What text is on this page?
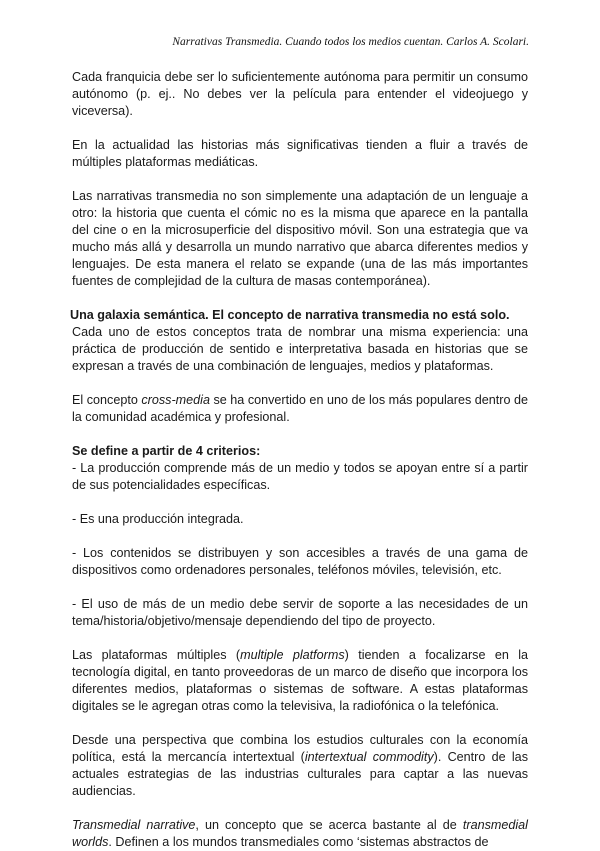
Narrativas Transmedia. Cuando todos los medios cuentan. Carlos A. Scolari.

Cada franquicia debe ser lo suficientemente autónoma para permitir un consumo autónomo (p. ej.. No debes ver la película para entender el videojuego y viceversa).

En la actualidad las historias más significativas tienden a fluir a través de múltiples plataformas mediáticas.

Las narrativas transmedia no son simplemente una adaptación de un lenguaje a otro: la historia que cuenta el cómic no es la misma que aparece en la pantalla del cine o en la microsuperficie del dispositivo móvil. Son una estrategia que va mucho más allá y desarrolla un mundo narrativo que abarca diferentes medios y lenguajes. De esta manera el relato se expande (una de las más importantes fuentes de complejidad de la cultura de masas contemporánea).

Una galaxia semántica. El concepto de narrativa transmedia no está solo.

Cada uno de estos conceptos trata de nombrar una misma experiencia: una práctica de producción de sentido e interpretativa basada en historias que se expresan a través de una combinación de lenguajes, medios y plataformas.

El concepto cross-media se ha convertido en uno de los más populares dentro de la comunidad académica y profesional.

Se define a partir de 4 criterios:

- La producción comprende más de un medio y todos se apoyan entre sí a partir de sus potencialidades específicas.

- Es una producción integrada.

- Los contenidos se distribuyen y son accesibles a través de una gama de dispositivos como ordenadores personales, teléfonos móviles, televisión, etc.

- El uso de más de un medio debe servir de soporte a las necesidades de un tema/historia/objetivo/mensaje dependiendo del tipo de proyecto.

Las plataformas múltiples (multiple platforms) tienden a focalizarse en la tecnología digital, en tanto proveedoras de un marco de diseño que incorpora los diferentes medios, plataformas o sistemas de software. A estas plataformas digitales se le agregan otras como la televisiva, la radiofónica o la telefónica.

Desde una perspectiva que combina los estudios culturales con la economía política, está la mercancía intertextual (intertextual commodity). Centro de las actuales estrategias de las industrias culturales para captar a las nuevas audiencias.

Transmedial narrative, un concepto que se acerca bastante al de transmedial worlds. Definen a los mundos transmediales como ‘sistemas abstractos de
